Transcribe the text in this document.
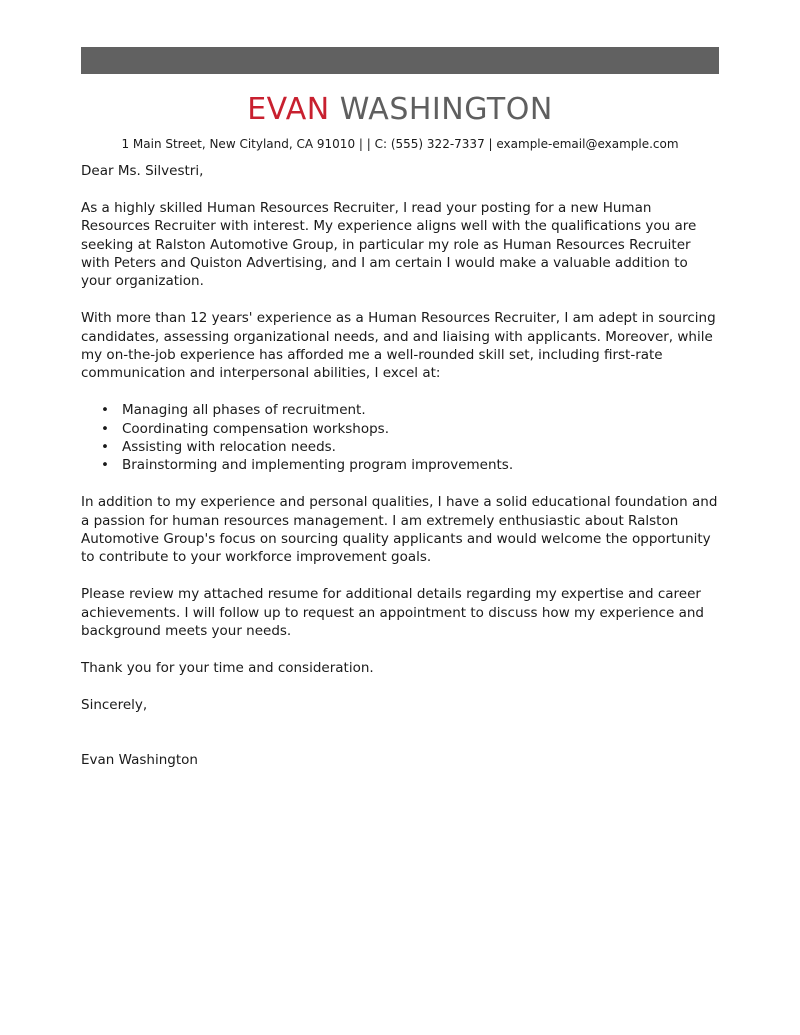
EVAN WASHINGTON
1 Main Street, New Cityland, CA 91010 | | C: (555) 322-7337 | example-email@example.com

Dear Ms. Silvestri,

As a highly skilled Human Resources Recruiter, I read your posting for a new Human Resources Recruiter with interest. My experience aligns well with the qualifications you are seeking at Ralston Automotive Group, in particular my role as Human Resources Recruiter with Peters and Quiston Advertising, and I am certain I would make a valuable addition to your organization.

With more than 12 years' experience as a Human Resources Recruiter, I am adept in sourcing candidates, assessing organizational needs, and and liaising with applicants. Moreover, while my on-the-job experience has afforded me a well-rounded skill set, including first-rate communication and interpersonal abilities, I excel at:

• Managing all phases of recruitment.
• Coordinating compensation workshops.
• Assisting with relocation needs.
• Brainstorming and implementing program improvements.

In addition to my experience and personal qualities, I have a solid educational foundation and a passion for human resources management. I am extremely enthusiastic about Ralston Automotive Group's focus on sourcing quality applicants and would welcome the opportunity to contribute to your workforce improvement goals.

Please review my attached resume for additional details regarding my expertise and career achievements. I will follow up to request an appointment to discuss how my experience and background meets your needs.

Thank you for your time and consideration.

Sincerely,

Evan Washington
